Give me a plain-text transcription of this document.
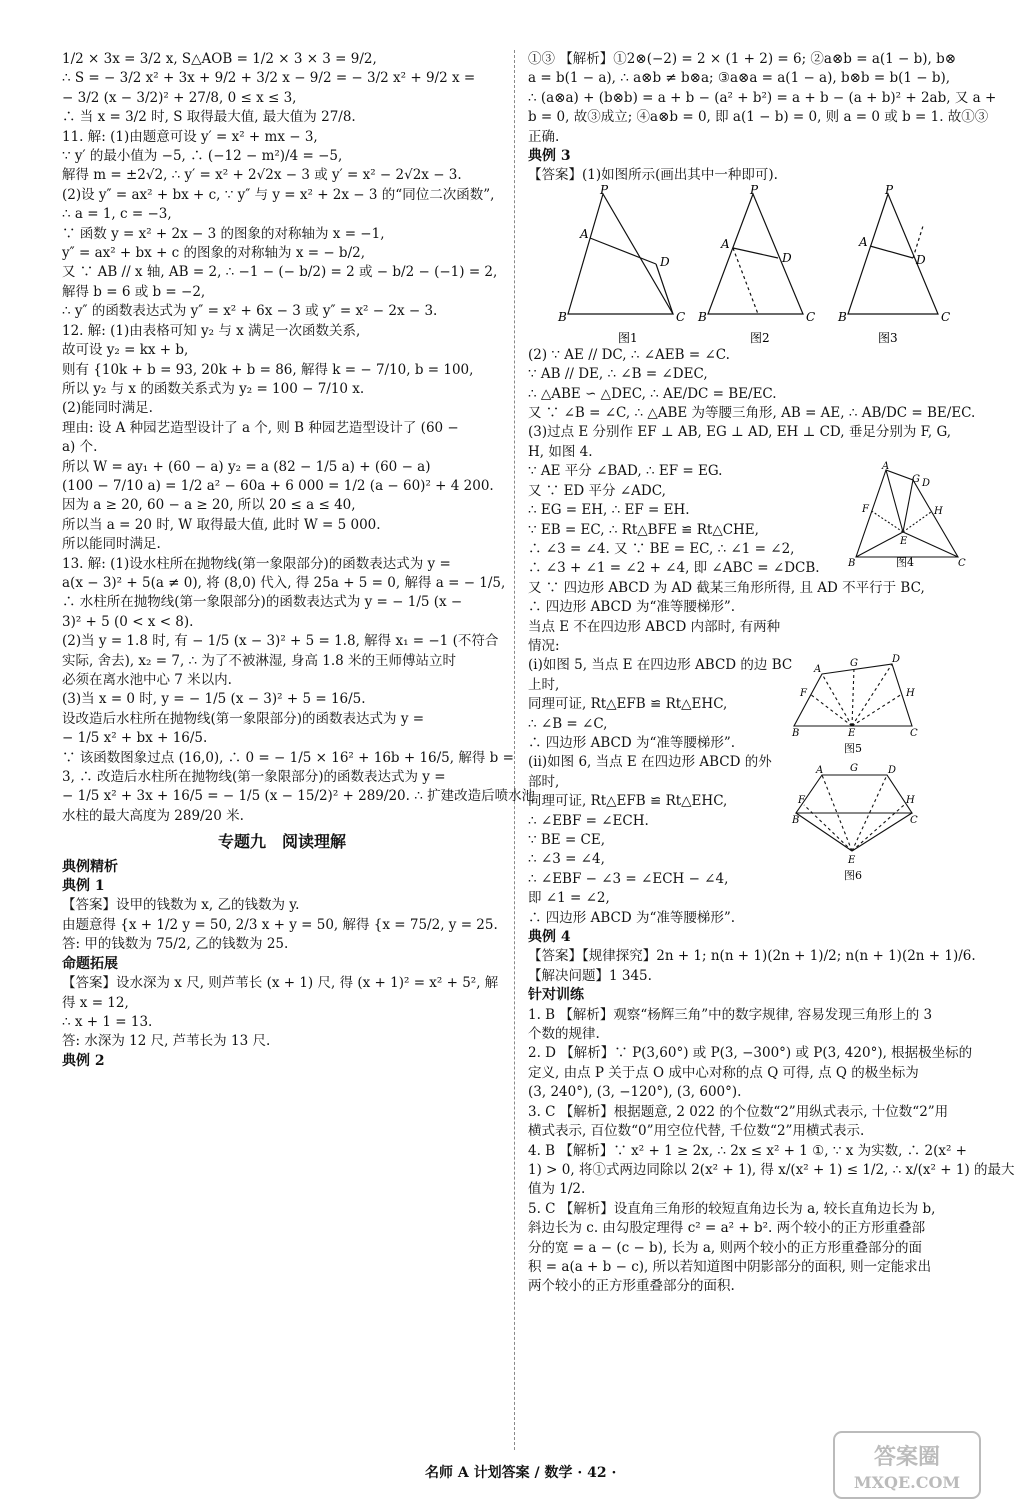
1/2 × 3x = 3/2 x, S△AOB = 1/2 × 3 × 3 = 9/2,
∴ S = − 3/2 x² + 3x + 9/2 + 3/2 x − 9/2 = − 3/2 x² + 9/2 x =
− 3/2 (x − 3/2)² + 27/8, 0 ≤ x ≤ 3,
∴ 当 x = 3/2 时, S 取得最大值, 最大值为 27/8.
11. 解: (1)由题意可设 y′ = x² + mx − 3,
∵ y′ 的最小值为 −5, ∴ (−12 − m²)/4 = −5,
解得 m = ±2√2, ∴ y′ = x² + 2√2x − 3 或 y′ = x² − 2√2x − 3.
(2)设 y″ = ax² + bx + c, ∵ y″ 与 y = x² + 2x − 3 的“同位二次函数”,
∴ a = 1, c = −3,
∵ 函数 y = x² + 2x − 3 的图象的对称轴为 x = −1,
y″ = ax² + bx + c 的图象的对称轴为 x = − b/2,
又 ∵ AB // x 轴, AB = 2, ∴ −1 − (− b/2) = 2 或 − b/2 − (−1) = 2,
解得 b = 6 或 b = −2,
∴ y″ 的函数表达式为 y″ = x² + 6x − 3 或 y″ = x² − 2x − 3.
12. 解: (1)由表格可知 y₂ 与 x 满足一次函数关系,
故可设 y₂ = kx + b,
则有 {10k + b = 93, 20k + b = 86, 解得 k = − 7/10, b = 100,
所以 y₂ 与 x 的函数关系式为 y₂ = 100 − 7/10 x.
(2)能同时满足.
理由: 设 A 种园艺造型设计了 a 个, 则 B 种园艺造型设计了 (60 −
a) 个.
所以 W = ay₁ + (60 − a) y₂ = a (82 − 1/5 a) + (60 − a)
(100 − 7/10 a) = 1/2 a² − 60a + 6 000 = 1/2 (a − 60)² + 4 200.
因为 a ≥ 20, 60 − a ≥ 20, 所以 20 ≤ a ≤ 40,
所以当 a = 20 时, W 取得最大值, 此时 W = 5 000.
所以能同时满足.
13. 解: (1)设水柱所在抛物线(第一象限部分)的函数表达式为 y =
a(x − 3)² + 5(a ≠ 0), 将 (8,0) 代入, 得 25a + 5 = 0, 解得 a = − 1/5,
∴ 水柱所在抛物线(第一象限部分)的函数表达式为 y = − 1/5 (x −
3)² + 5 (0 < x < 8).
(2)当 y = 1.8 时, 有 − 1/5 (x − 3)² + 5 = 1.8, 解得 x₁ = −1 (不符合
实际, 舍去), x₂ = 7, ∴ 为了不被淋湿, 身高 1.8 米的王师傅站立时
必须在离水池中心 7 米以内.
(3)当 x = 0 时, y = − 1/5 (x − 3)² + 5 = 16/5.
设改造后水柱所在抛物线(第一象限部分)的函数表达式为 y =
− 1/5 x² + bx + 16/5.
∵ 该函数图象过点 (16,0), ∴ 0 = − 1/5 × 16² + 16b + 16/5, 解得 b =
3, ∴ 改造后水柱所在抛物线(第一象限部分)的函数表达式为 y =
− 1/5 x² + 3x + 16/5 = − 1/5 (x − 15/2)² + 289/20. ∴ 扩建改造后喷水池
水柱的最大高度为 289/20 米.
专题九　阅读理解
典例精析
典例 1
【答案】设甲的钱数为 x, 乙的钱数为 y.
由题意得 {x + 1/2 y = 50, 2/3 x + y = 50, 解得 {x = 75/2, y = 25.
答: 甲的钱数为 75/2, 乙的钱数为 25.
命题拓展
【答案】设水深为 x 尺, 则芦苇长 (x + 1) 尺, 得 (x + 1)² = x² + 5², 解
得 x = 12,
∴ x + 1 = 13.
答: 水深为 12 尺, 芦苇长为 13 尺.
典例 2
①③ 【解析】①2⊗(−2) = 2 × (1 + 2) = 6; ②a⊗b = a(1 − b), b⊗
a = b(1 − a), ∴ a⊗b ≠ b⊗a; ③a⊗a = a(1 − a), b⊗b = b(1 − b),
∴ (a⊗a) + (b⊗b) = a + b − (a² + b²) = a + b − (a + b)² + 2ab, 又 a +
b = 0, 故③成立; ④a⊗b = 0, 即 a(1 − b) = 0, 则 a = 0 或 b = 1. 故①③
正确.
典例 3
【答案】(1)如图所示(画出其中一种即可).
P
B	C
A
D
P
B	C
A
D
P
B	C
A
D
图1	图2	图3
(2) ∵ AE // DC, ∴ ∠AEB = ∠C.
∵ AB // DE, ∴ ∠B = ∠DEC,
∴ △ABE ∽ △DEC, ∴ AE/DC = BE/EC.
又 ∵ ∠B = ∠C, ∴ △ABE 为等腰三角形, AB = AE, ∴ AB/DC = BE/EC.
(3)过点 E 分别作 EF ⊥ AB, EG ⊥ AD, EH ⊥ CD, 垂足分别为 F, G,
H, 如图 4.
∵ AE 平分 ∠BAD, ∴ EF = EG.
又 ∵ ED 平分 ∠ADC,
∴ EG = EH, ∴ EF = EH.
∵ EB = EC, ∴ Rt△BFE ≌ Rt△CHE,
∴ ∠3 = ∠4. 又 ∵ BE = EC, ∴ ∠1 = ∠2,
∴ ∠3 + ∠1 = ∠2 + ∠4, 即 ∠ABC = ∠DCB.
又 ∵ 四边形 ABCD 为 AD 截某三角形所得, 且 AD 不平行于 BC,
∴ 四边形 ABCD 为“准等腰梯形”.
当点 E 不在四边形 ABCD 内部时, 有两种
情况:
A
G D
F
E
H
B	C
图4
(ⅰ)如图 5, 当点 E 在四边形 ABCD 的边 BC
上时,
同理可证, Rt△EFB ≌ Rt△EHC,
∴ ∠B = ∠C,
∴ 四边形 ABCD 为“准等腰梯形”.
(ⅱ)如图 6, 当点 E 在四边形 ABCD 的外
部时,
同理可证, Rt△EFB ≌ Rt△EHC,
∴ ∠EBF = ∠ECH.
∵ BE = CE,
∴ ∠3 = ∠4,
∴ ∠EBF − ∠3 = ∠ECH − ∠4,
即 ∠1 = ∠2,
∴ 四边形 ABCD 为“准等腰梯形”.
A
G	D
F	H
B	E	C
图5

A	G	D
F	H
B	C
E
图6
典例 4
【答案】【规律探究】2n + 1; n(n + 1)(2n + 1)/2; n(n + 1)(2n + 1)/6.
【解决问题】1 345.
针对训练
1. B 【解析】观察“杨辉三角”中的数字规律, 容易发现三角形上的 3
个数的规律.
2. D 【解析】∵ P(3,60°) 或 P(3, −300°) 或 P(3, 420°), 根据极坐标的
定义, 由点 P 关于点 O 成中心对称的点 Q 可得, 点 Q 的极坐标为
(3, 240°), (3, −120°), (3, 600°).
3. C 【解析】根据题意, 2 022 的个位数“2”用纵式表示, 十位数“2”用
横式表示, 百位数“0”用空位代替, 千位数“2”用横式表示.
4. B 【解析】∵ x² + 1 ≥ 2x, ∴ 2x ≤ x² + 1 ①, ∵ x 为实数, ∴ 2(x² +
1) > 0, 将①式两边同除以 2(x² + 1), 得 x/(x² + 1) ≤ 1/2, ∴ x/(x² + 1) 的最大
值为 1/2.
5. C 【解析】设直角三角形的较短直角边长为 a, 较长直角边长为 b,
斜边长为 c. 由勾股定理得 c² = a² + b². 两个较小的正方形重叠部
分的宽 = a − (c − b), 长为 a, 则两个较小的正方形重叠部分的面
积 = a(a + b − c), 所以若知道图中阴影部分的面积, 则一定能求出
两个较小的正方形重叠部分的面积.
名师 A 计划答案 / 数学 · 42 ·
答案圈
MXQE.COM
